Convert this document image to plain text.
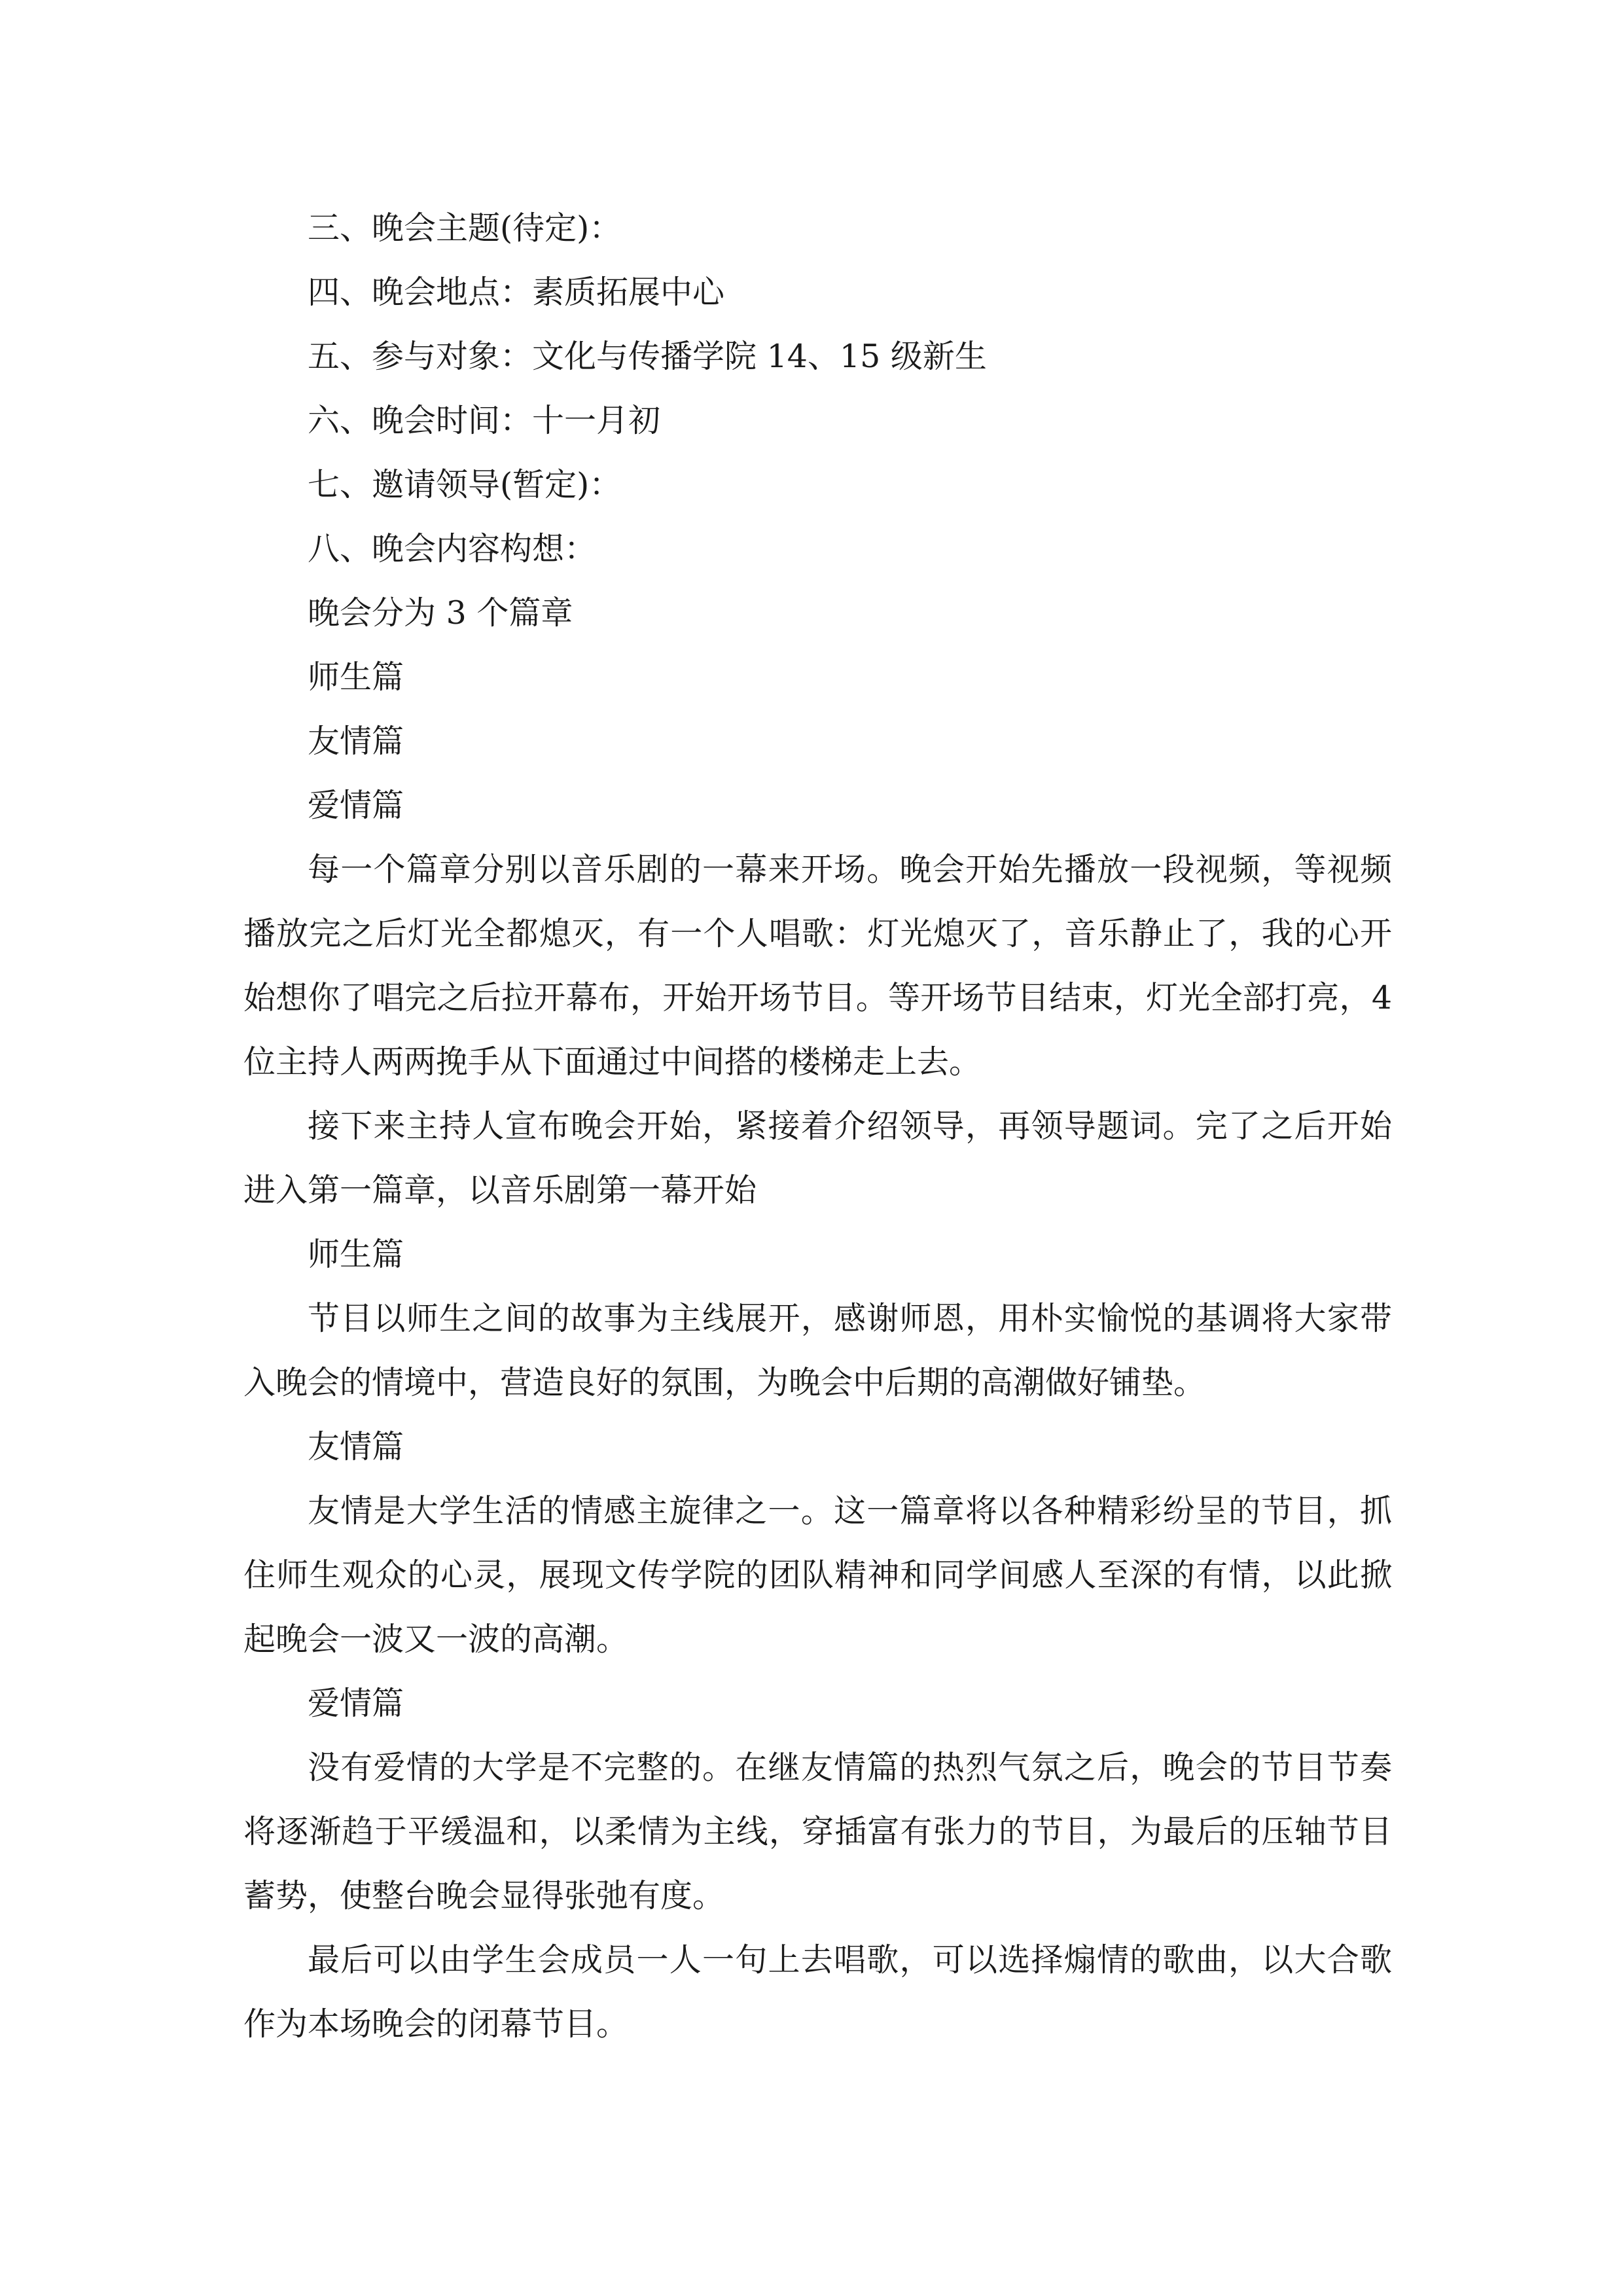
三、晚会主题(待定)：

四、晚会地点：素质拓展中心

五、参与对象：文化与传播学院 14、15 级新生

六、晚会时间：十一月初

七、邀请领导(暂定)：

八、晚会内容构想：

晚会分为 3 个篇章

师生篇

友情篇

爱情篇

每一个篇章分别以音乐剧的一幕来开场。晚会开始先播放一段视频，等视频播放完之后灯光全都熄灭，有一个人唱歌：灯光熄灭了，音乐静止了，我的心开始想你了唱完之后拉开幕布，开始开场节目。等开场节目结束，灯光全部打亮，4位主持人两两挽手从下面通过中间搭的楼梯走上去。

接下来主持人宣布晚会开始，紧接着介绍领导，再领导题词。完了之后开始进入第一篇章，以音乐剧第一幕开始

师生篇

节目以师生之间的故事为主线展开，感谢师恩，用朴实愉悦的基调将大家带入晚会的情境中，营造良好的氛围，为晚会中后期的高潮做好铺垫。

友情篇

友情是大学生活的情感主旋律之一。这一篇章将以各种精彩纷呈的节目，抓住师生观众的心灵，展现文传学院的团队精神和同学间感人至深的有情，以此掀起晚会一波又一波的高潮。

爱情篇

没有爱情的大学是不完整的。在继友情篇的热烈气氛之后，晚会的节目节奏将逐渐趋于平缓温和，以柔情为主线，穿插富有张力的节目，为最后的压轴节目蓄势，使整台晚会显得张弛有度。

最后可以由学生会成员一人一句上去唱歌，可以选择煽情的歌曲，以大合歌作为本场晚会的闭幕节目。
